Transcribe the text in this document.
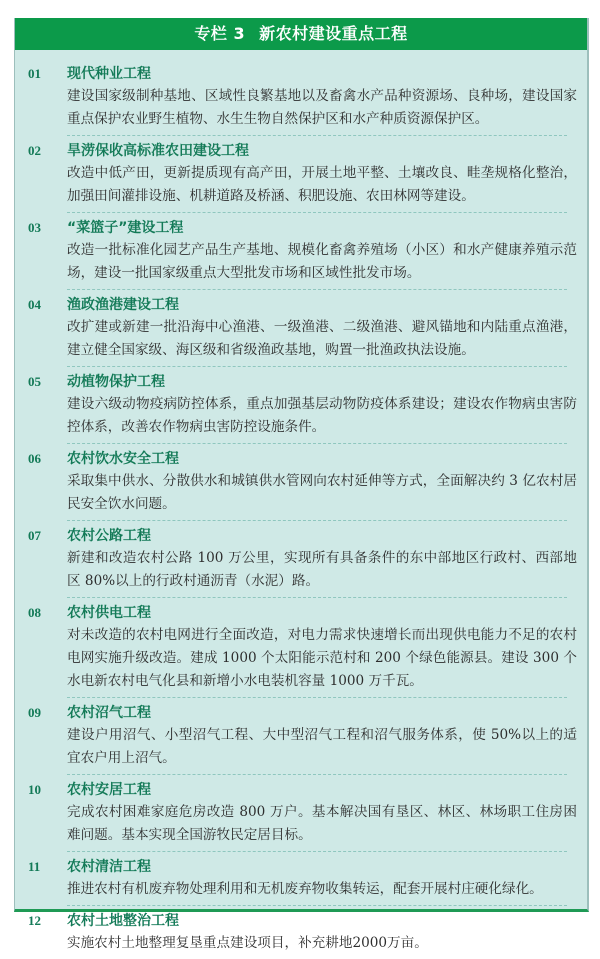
专栏 3 新农村建设重点工程
01	现代种业工程
建设国家级制种基地、区域性良繁基地以及畜禽水产品种资源场、良种场，建设国家重点保护农业野生植物、水生生物自然保护区和水产种质资源保护区。
02	旱涝保收高标准农田建设工程
改造中低产田，更新提质现有高产田，开展土地平整、土壤改良、畦垄规格化整治，加强田间灌排设施、机耕道路及桥涵、积肥设施、农田林网等建设。
03	“菜篮子”建设工程
改造一批标准化园艺产品生产基地、规模化畜禽养殖场（小区）和水产健康养殖示范场，建设一批国家级重点大型批发市场和区域性批发市场。
04	渔政渔港建设工程
改扩建或新建一批沿海中心渔港、一级渔港、二级渔港、避风锚地和内陆重点渔港，建立健全国家级、海区级和省级渔政基地，购置一批渔政执法设施。
05	动植物保护工程
建设六级动物疫病防控体系，重点加强基层动物防疫体系建设；建设农作物病虫害防控体系，改善农作物病虫害防控设施条件。
06	农村饮水安全工程
采取集中供水、分散供水和城镇供水管网向农村延伸等方式，全面解决约 3 亿农村居民安全饮水问题。
07	农村公路工程
新建和改造农村公路 100 万公里，实现所有具备条件的东中部地区行政村、西部地区 80%以上的行政村通沥青（水泥）路。
08	农村供电工程
对未改造的农村电网进行全面改造，对电力需求快速增长而出现供电能力不足的农村电网实施升级改造。建成 1000 个太阳能示范村和 200 个绿色能源县。建设 300 个水电新农村电气化县和新增小水电装机容量 1000 万千瓦。
09	农村沼气工程
建设户用沼气、小型沼气工程、大中型沼气工程和沼气服务体系，使 50%以上的适宜农户用上沼气。
10	农村安居工程
完成农村困难家庭危房改造 800 万户。基本解决国有垦区、林区、林场职工住房困难问题。基本实现全国游牧民定居目标。
11	农村清洁工程
推进农村有机废弃物处理利用和无机废弃物收集转运，配套开展村庄硬化绿化。
12	农村土地整治工程
实施农村土地整理复垦重点建设项目，补充耕地2000万亩。
